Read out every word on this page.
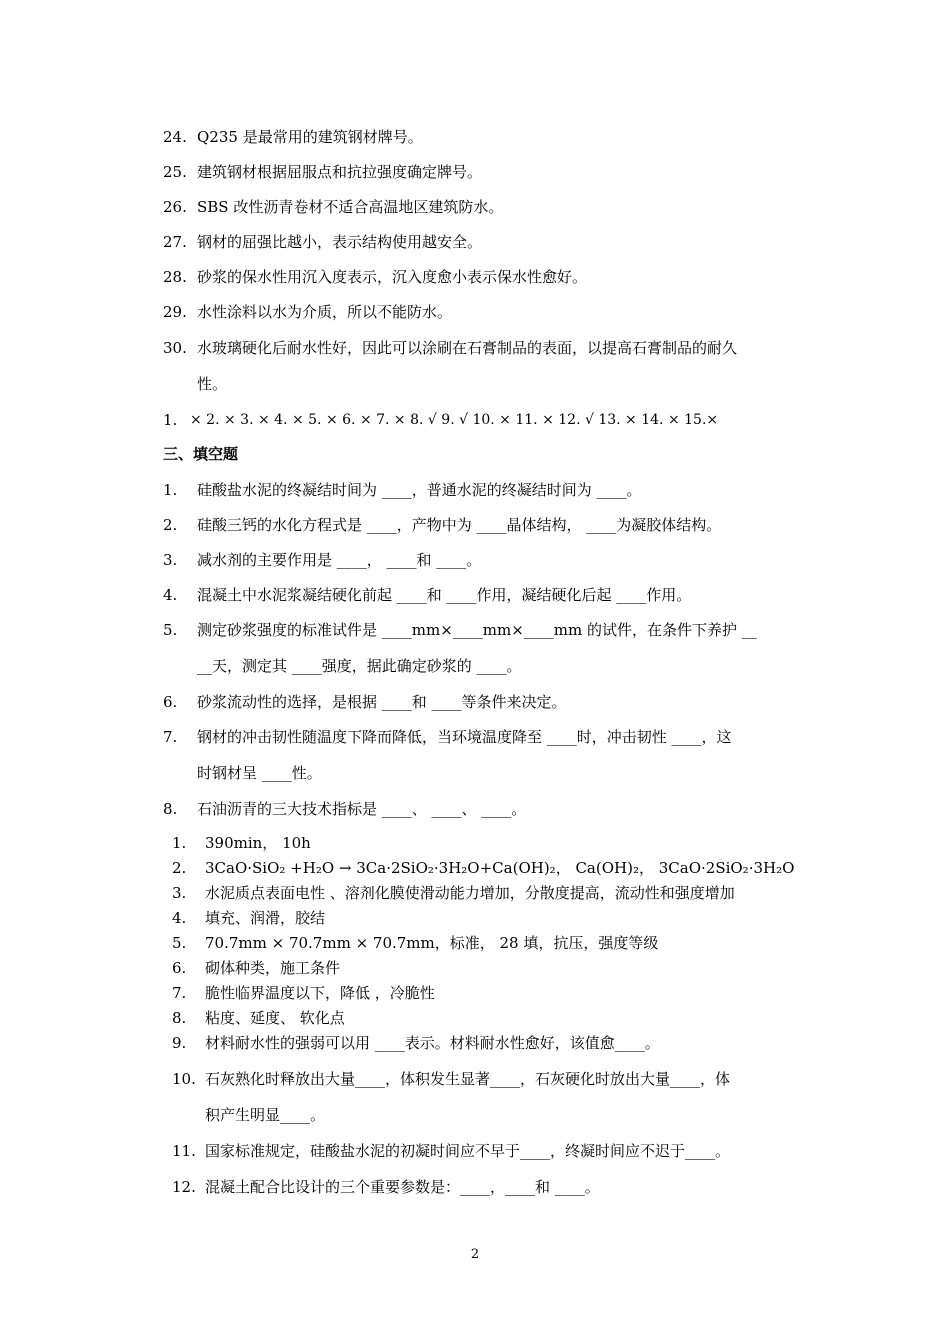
24. Q235 是最常用的建筑钢材牌号。
25. 建筑钢材根据屈服点和抗拉强度确定牌号。
26. SBS 改性沥青卷材不适合高温地区建筑防水。
27. 钢材的屈强比越小，表示结构使用越安全。
28. 砂浆的保水性用沉入度表示，沉入度愈小表示保水性愈好。
29. 水性涂料以水为介质，所以不能防水。
30. 水玻璃硬化后耐水性好，因此可以涂刷在石膏制品的表面，以提高石膏制品的耐久
性。
1. × 2. × 3. × 4. × 5. × 6. × 7. × 8. √ 9. √ 10. × 11. × 12. √ 13. × 14. × 15.×
三、填空题
1. 硅酸盐水泥的终凝结时间为 ____，普通水泥的终凝结时间为 ____。
2. 硅酸三钙的水化方程式是 ____，产物中为 ____晶体结构， ____为凝胶体结构。
3. 减水剂的主要作用是 ____， ____和 ____。
4. 混凝土中水泥浆凝结硬化前起 ____和 ____作用，凝结硬化后起 ____作用。
5. 测定砂浆强度的标准试件是 ____mm×____mm×____mm 的试件，在条件下养护 __
__天，测定其 ____强度，据此确定砂浆的 ____。
6. 砂浆流动性的选择，是根据 ____和 ____等条件来决定。
7. 钢材的冲击韧性随温度下降而降低，当环境温度降至 ____时，冲击韧性 ____，这
时钢材呈 ____性。
8. 石油沥青的三大技术指标是 ____、 ____、 ____。
1. 390min， 10h
2. 3CaO·SiO₂ +H₂O → 3Ca·2SiO₂·3H₂O+Ca(OH)₂， Ca(OH)₂， 3CaO·2SiO₂·3H₂O
3. 水泥质点表面电性 、溶剂化膜使滑动能力增加，分散度提高，流动性和强度增加
4. 填充、润滑，胶结
5. 70.7mm × 70.7mm × 70.7mm，标准， 28 填，抗压，强度等级
6. 砌体种类，施工条件
7. 脆性临界温度以下，降低 ，冷脆性
8. 粘度、延度、 软化点
9. 材料耐水性的强弱可以用 ____表示。材料耐水性愈好，该值愈____。
10. 石灰熟化时释放出大量____，体积发生显著____，石灰硬化时放出大量____，体
积产生明显____。
11. 国家标准规定，硅酸盐水泥的初凝时间应不早于____，终凝时间应不迟于____。
12. 混凝土配合比设计的三个重要参数是：____，____和 ____。
2
